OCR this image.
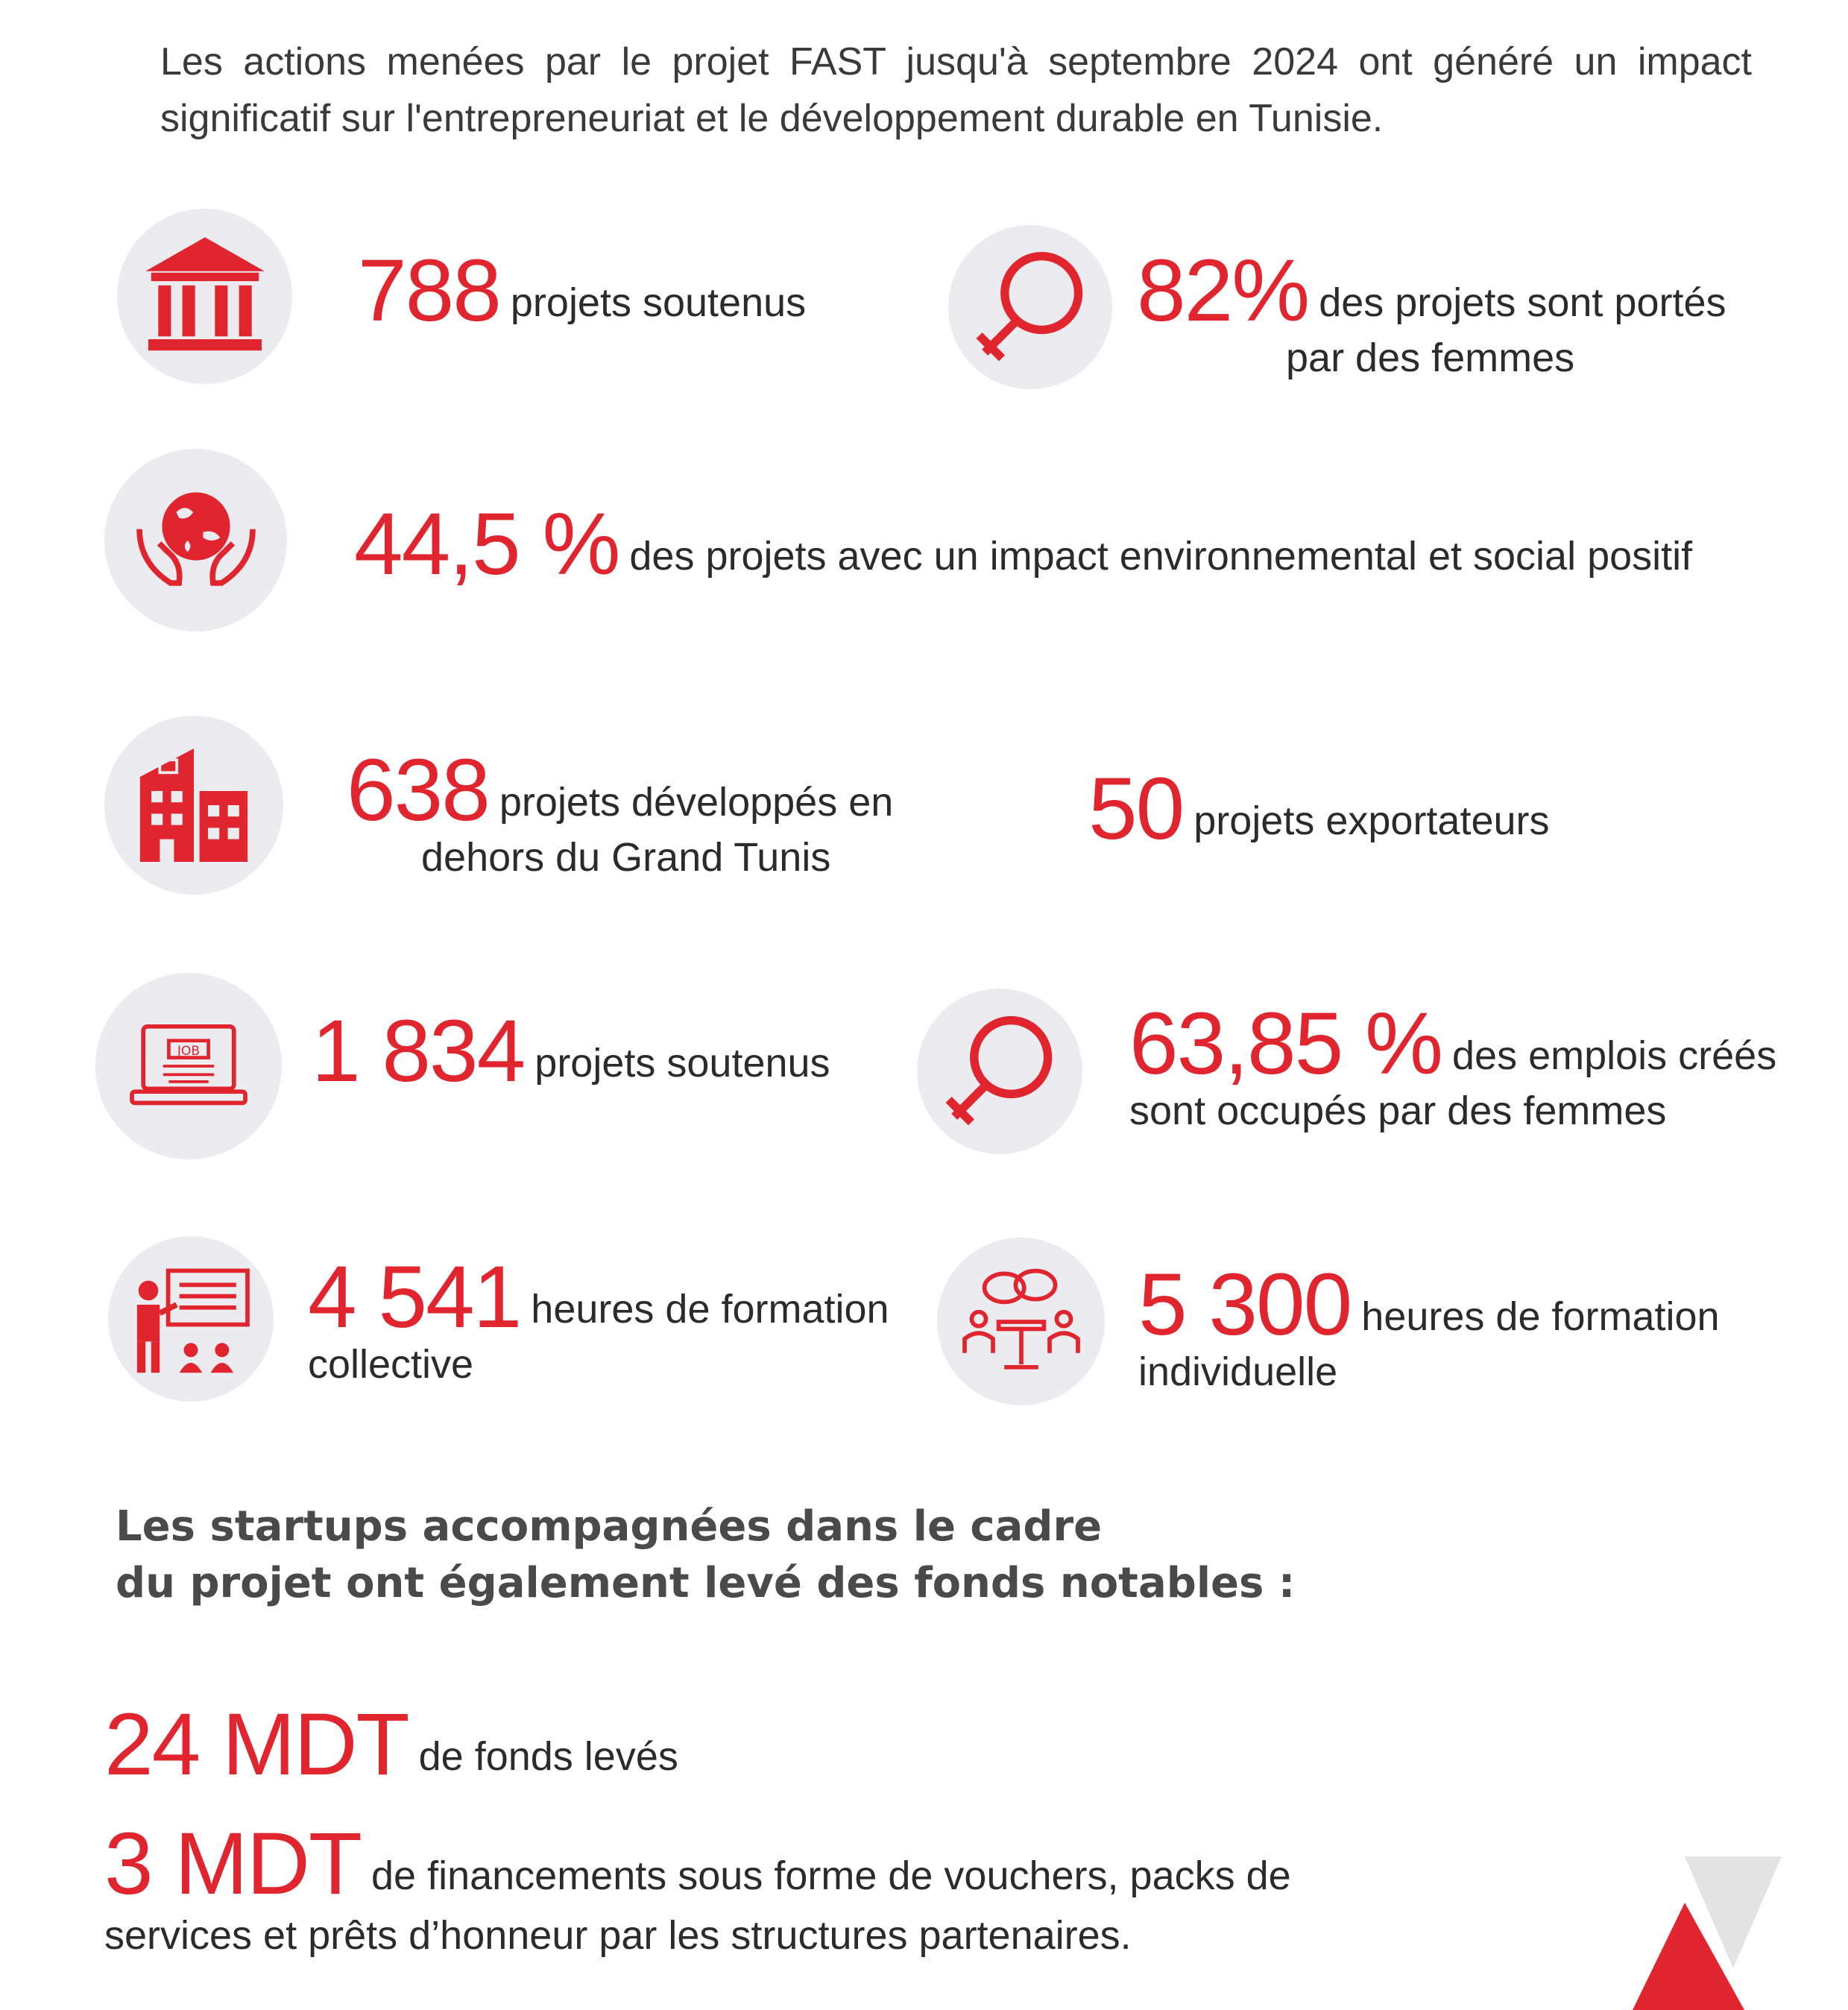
Les actions menées par le projet FAST jusqu'à septembre 2024 ont généré un impact significatif sur l'entrepreneuriat et le développement durable en Tunisie.
788 projets soutenus	82% des projets sont portés
par des femmes
44,5 % des projets avec un impact environnemental et social positif
638 projets développés en
dehors du Grand Tunis	50 projets exportateurs
JOB 1 834 projets soutenus	63,85 % des emplois créés
sont occupés par des femmes
4 541 heures de formation
collective
5 300 heures de formation
individuelle
Les startups accompagnées dans le cadre
du projet ont également levé des fonds notables :
24 MDT de fonds levés
3 MDT de financements sous forme de vouchers, packs de
services et prêts d’honneur par les structures partenaires.
